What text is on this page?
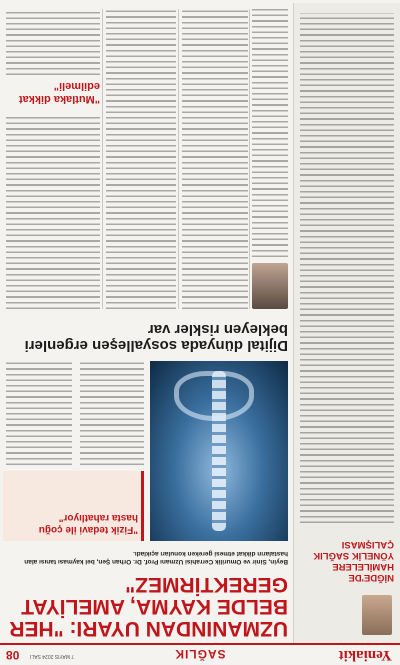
Yeniakit
SAĞLIK
7 MAYIS 2024 SALI
08
NİĞDE'DE HAMİLELERE YÖNELİK SAĞLIK ÇALIŞMASI
UZMANINDAN UYARI: "HER BELDE KAYMA, AMELİYAT GEREKTİRMEZ"
Beyin, Sinir ve Omurilik Cerrahisi Uzmanı Prof. Dr. Orhan Şen, bel kayması tanısı alan hastaların dikkat etmesi gereken konuları açıkladı.
"Fizik tedavi ile çoğu hasta rahatlıyor"
Dijital dünyada sosyalleşen ergenleri bekleyen riskler var
"Mutlaka dikkat edilmeli"
